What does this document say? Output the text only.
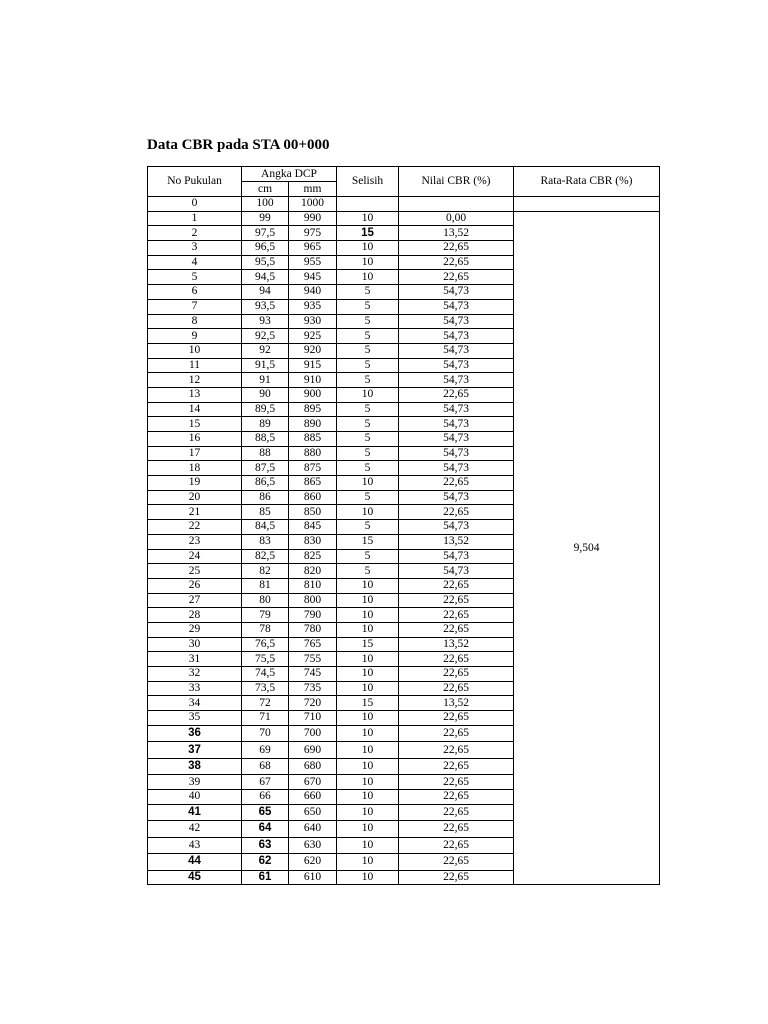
Data CBR pada STA 00+000
No Pukulan	Angka DCP		Selisih	Nilai CBR (%)	Rata-Rata CBR (%)
	cm	mm			
0	100	1000			
1	99	990	10	0,00	9,504
2	97,5	975	15	13,52	
3	96,5	965	10	22,65	
4	95,5	955	10	22,65	
5	94,5	945	10	22,65	
6	94	940	5	54,73	
7	93,5	935	5	54,73	
8	93	930	5	54,73	
9	92,5	925	5	54,73	
10	92	920	5	54,73	
11	91,5	915	5	54,73	
12	91	910	5	54,73	
13	90	900	10	22,65	
14	89,5	895	5	54,73	
15	89	890	5	54,73	
16	88,5	885	5	54,73	
17	88	880	5	54,73	
18	87,5	875	5	54,73	
19	86,5	865	10	22,65	
20	86	860	5	54,73	
21	85	850	10	22,65	
22	84,5	845	5	54,73	
23	83	830	15	13,52	
24	82,5	825	5	54,73	
25	82	820	5	54,73	
26	81	810	10	22,65	
27	80	800	10	22,65	
28	79	790	10	22,65	
29	78	780	10	22,65	
30	76,5	765	15	13,52	
31	75,5	755	10	22,65	
32	74,5	745	10	22,65	
33	73,5	735	10	22,65	
34	72	720	15	13,52	
35	71	710	10	22,65	
36	70	700	10	22,65	
37	69	690	10	22,65	
38	68	680	10	22,65	
39	67	670	10	22,65	
40	66	660	10	22,65	
41	65	650	10	22,65	
42	64	640	10	22,65	
43	63	630	10	22,65	
44	62	620	10	22,65	
45	61	610	10	22,65	
